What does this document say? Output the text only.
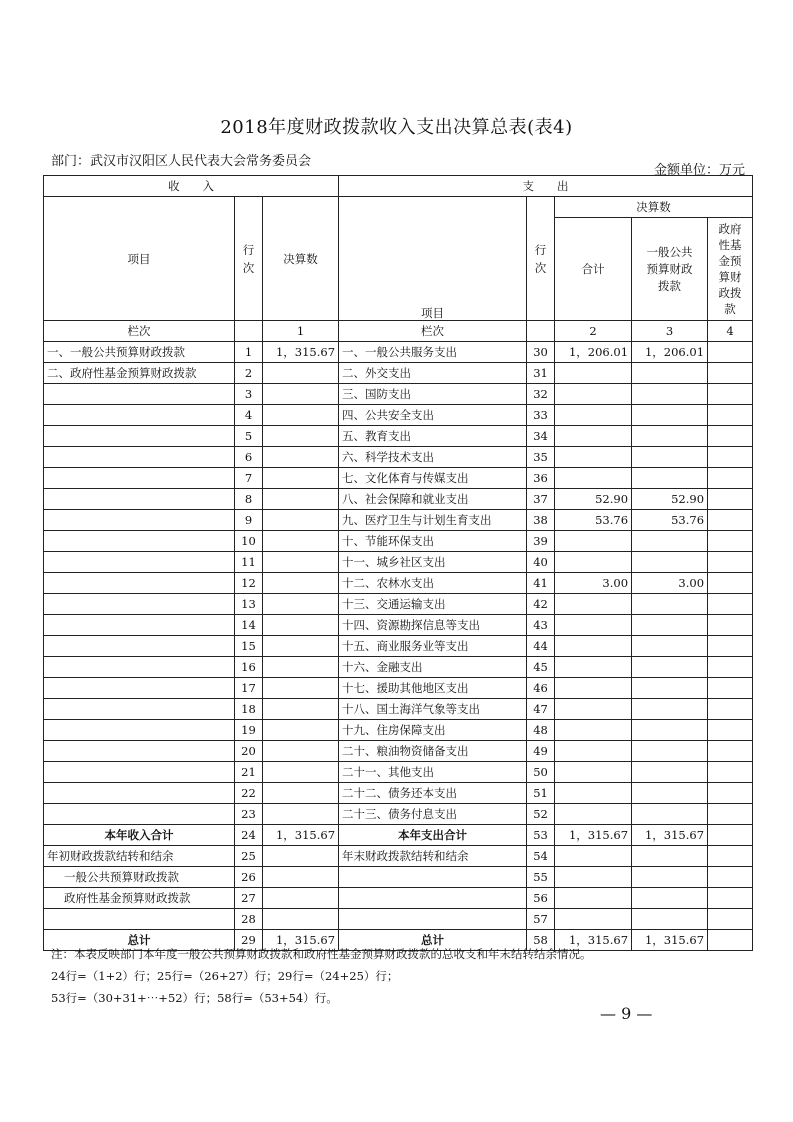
2018年度财政拨款收入支出决算总表(表4)
部门：武汉市汉阳区人民代表大会常务委员会
金额单位：万元
收　　入			支　　出				
项目	行次	决算数	项目	行次	决算数		
					合计	一般公共预算财政拨款	政府性基金预算财政拨款
栏次		1	栏次		2	3	4
一、一般公共预算财政拨款	1	1，315.67	一、一般公共服务支出	30	1，206.01	1，206.01	
二、政府性基金预算财政拨款	2		二、外交支出	31			
	3		三、国防支出	32			
	4		四、公共安全支出	33			
	5		五、教育支出	34			
	6		六、科学技术支出	35			
	7		七、文化体育与传媒支出	36			
	8		八、社会保障和就业支出	37	52.90	52.90	
	9		九、医疗卫生与计划生育支出	38	53.76	53.76	
	10		十、节能环保支出	39			
	11		十一、城乡社区支出	40			
	12		十二、农林水支出	41	3.00	3.00	
	13		十三、交通运输支出	42			
	14		十四、资源勘探信息等支出	43			
	15		十五、商业服务业等支出	44			
	16		十六、金融支出	45			
	17		十七、援助其他地区支出	46			
	18		十八、国土海洋气象等支出	47			
	19		十九、住房保障支出	48			
	20		二十、粮油物资储备支出	49			
	21		二十一、其他支出	50			
	22		二十二、债务还本支出	51			
	23		二十三、债务付息支出	52			
本年收入合计	24	1，315.67	本年支出合计	53	1，315.67	1，315.67	
年初财政拨款结转和结余	25		年末财政拨款结转和结余	54			
一般公共预算财政拨款	26			55			
政府性基金预算财政拨款	27			56			
	28			57			
总计	29	1，315.67	总计	58	1，315.67	1，315.67	
注：本表反映部门本年度一般公共预算财政拨款和政府性基金预算财政拨款的总收支和年末结转结余情况。
24行=（1+2）行；25行=（26+27）行；29行=（24+25）行；
53行=（30+31+⋯+52）行；58行=（53+54）行。
— 9 —
